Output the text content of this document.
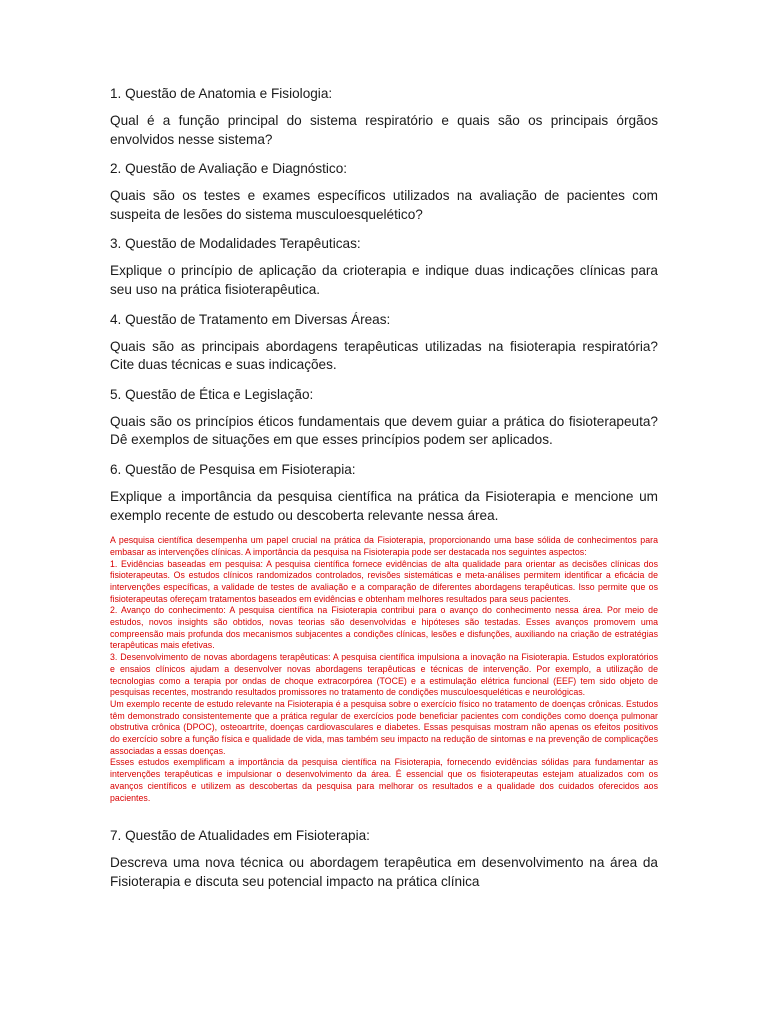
1. Questão de Anatomia e Fisiologia:
Qual é a função principal do sistema respiratório e quais são os principais órgãos envolvidos nesse sistema?
2. Questão de Avaliação e Diagnóstico:
Quais são os testes e exames específicos utilizados na avaliação de pacientes com suspeita de lesões do sistema musculoesquelético?
3. Questão de Modalidades Terapêuticas:
Explique o princípio de aplicação da crioterapia e indique duas indicações clínicas para seu uso na prática fisioterapêutica.
4. Questão de Tratamento em Diversas Áreas:
Quais são as principais abordagens terapêuticas utilizadas na fisioterapia respiratória? Cite duas técnicas e suas indicações.
5. Questão de Ética e Legislação:
Quais são os princípios éticos fundamentais que devem guiar a prática do fisioterapeuta? Dê exemplos de situações em que esses princípios podem ser aplicados.
6. Questão de Pesquisa em Fisioterapia:
Explique a importância da pesquisa científica na prática da Fisioterapia e mencione um exemplo recente de estudo ou descoberta relevante nessa área.

A pesquisa científica desempenha um papel crucial na prática da Fisioterapia, proporcionando uma base sólida de conhecimentos para embasar as intervenções clínicas. A importância da pesquisa na Fisioterapia pode ser destacada nos seguintes aspectos:

1. Evidências baseadas em pesquisa: A pesquisa científica fornece evidências de alta qualidade para orientar as decisões clínicas dos fisioterapeutas. Os estudos clínicos randomizados controlados, revisões sistemáticas e meta-análises permitem identificar a eficácia de intervenções específicas, a validade de testes de avaliação e a comparação de diferentes abordagens terapêuticas. Isso permite que os fisioterapeutas ofereçam tratamentos baseados em evidências e obtenham melhores resultados para seus pacientes.

2. Avanço do conhecimento: A pesquisa científica na Fisioterapia contribui para o avanço do conhecimento nessa área. Por meio de estudos, novos insights são obtidos, novas teorias são desenvolvidas e hipóteses são testadas. Esses avanços promovem uma compreensão mais profunda dos mecanismos subjacentes a condições clínicas, lesões e disfunções, auxiliando na criação de estratégias terapêuticas mais efetivas.

3. Desenvolvimento de novas abordagens terapêuticas: A pesquisa científica impulsiona a inovação na Fisioterapia. Estudos exploratórios e ensaios clínicos ajudam a desenvolver novas abordagens terapêuticas e técnicas de intervenção. Por exemplo, a utilização de tecnologias como a terapia por ondas de choque extracorpórea (TOCE) e a estimulação elétrica funcional (EEF) tem sido objeto de pesquisas recentes, mostrando resultados promissores no tratamento de condições musculoesqueléticas e neurológicas.

Um exemplo recente de estudo relevante na Fisioterapia é a pesquisa sobre o exercício físico no tratamento de doenças crônicas. Estudos têm demonstrado consistentemente que a prática regular de exercícios pode beneficiar pacientes com condições como doença pulmonar obstrutiva crônica (DPOC), osteoartrite, doenças cardiovasculares e diabetes. Essas pesquisas mostram não apenas os efeitos positivos do exercício sobre a função física e qualidade de vida, mas também seu impacto na redução de sintomas e na prevenção de complicações associadas a essas doenças.

Esses estudos exemplificam a importância da pesquisa científica na Fisioterapia, fornecendo evidências sólidas para fundamentar as intervenções terapêuticas e impulsionar o desenvolvimento da área. É essencial que os fisioterapeutas estejam atualizados com os avanços científicos e utilizem as descobertas da pesquisa para melhorar os resultados e a qualidade dos cuidados oferecidos aos pacientes.

7. Questão de Atualidades em Fisioterapia:
Descreva uma nova técnica ou abordagem terapêutica em desenvolvimento na área da Fisioterapia e discuta seu potencial impacto na prática clínica
